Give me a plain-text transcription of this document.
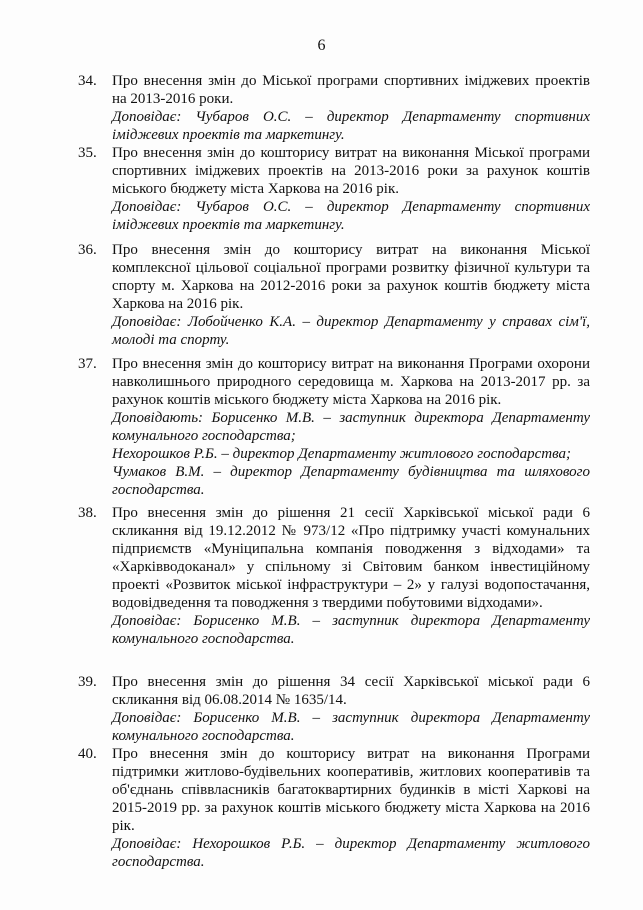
6
34.	Про внесення змін до Міської програми спортивних іміджевих проектів на 2013-2016 роки.

Доповідає: Чубаров О.С. – директор Департаменту спортивних іміджевих проектів та маркетингу.

35.	Про внесення змін до кошторису витрат на виконання Міської програми спортивних іміджевих проектів на 2013-2016 роки за рахунок коштів міського бюджету міста Харкова на 2016 рік.

Доповідає: Чубаров О.С. – директор Департаменту спортивних іміджевих проектів та маркетингу.

36.	Про внесення змін до кошторису витрат на виконання Міської комплексної цільової соціальної програми розвитку фізичної культури та спорту м. Харкова на 2012-2016 роки за рахунок коштів бюджету міста Харкова на 2016 рік.

Доповідає: Лобойченко К.А. – директор Департаменту у справах сім'ї, молоді та спорту.

37.	Про внесення змін до кошторису витрат на виконання Програми охорони навколишнього природного середовища м. Харкова на 2013-2017 рр. за рахунок коштів міського бюджету міста Харкова на 2016 рік.

Доповідають: Борисенко М.В. – заступник директора Департаменту комунального господарства;

Нехорошков Р.Б. – директор Департаменту житлового господарства;

Чумаков В.М. – директор Департаменту будівництва та шляхового господарства.

38.	Про внесення змін до рішення 21 сесії Харківської міської ради 6 скликання від 19.12.2012 № 973/12 «Про підтримку участі комунальних підприємств «Муніципальна компанія поводження з відходами» та «Харківводоканал» у спільному зі Світовим банком інвестиційному проекті «Розвиток міської інфраструктури – 2» у галузі водопостачання, водовідведення та поводження з твердими побутовими відходами».

Доповідає: Борисенко М.В. – заступник директора Департаменту комунального господарства.

39.	Про внесення змін до рішення 34 сесії Харківської міської ради 6 скликання від 06.08.2014 № 1635/14.

Доповідає: Борисенко М.В. – заступник директора Департаменту комунального господарства.

40.	Про внесення змін до кошторису витрат на виконання Програми підтримки житлово-будівельних кооперативів, житлових кооперативів та об'єднань співвласників багатоквартирних будинків в місті Харкові на 2015-2019 рр. за рахунок коштів міського бюджету міста Харкова на 2016 рік.

Доповідає: Нехорошков Р.Б. – директор Департаменту житлового господарства.
